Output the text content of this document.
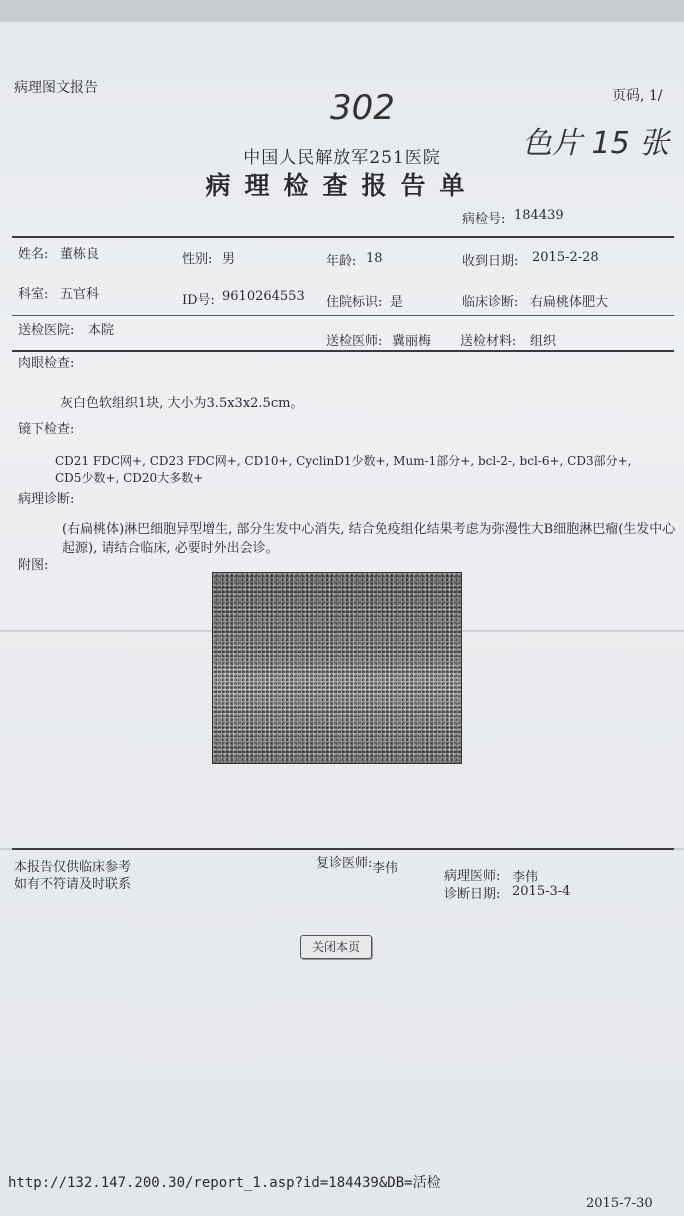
病理图文报告	页码, 1/
302
色片 15 张
中国人民解放军251医院
病理检查报告单
病检号: 184439
姓名: 董栋良	性别: 男	年龄: 18	收到日期: 2015-2-28
科室: 五官科	ID号: 9610264553 住院标识: 是	临床诊断: 右扁桃体肥大
送检医院: 本院
送检医师: 冀丽梅 送检材料: 组织
肉眼检查:
灰白色软组织1块, 大小为3.5x3x2.5cm。
镜下检查:
CD21 FDC网+, CD23 FDC网+, CD10+, CyclinD1少数+, Mum-1部分+, bcl-2-, bcl-6+, CD3部分+, CD5少数+, CD20大多数+
病理诊断:
(右扁桃体)淋巴细胞异型增生, 部分生发中心消失, 结合免疫组化结果考虑为弥漫性大B细胞淋巴瘤(生发中心起源), 请结合临床, 必要时外出会诊。
附图:
本报告仅供临床参考
如有不符请及时联系
复诊医师: 李伟
病理医师: 李伟
诊断日期: 2015-3-4
关闭本页
http://132.147.200.30/report_1.asp?id=184439&DB=活检
2015-7-30
